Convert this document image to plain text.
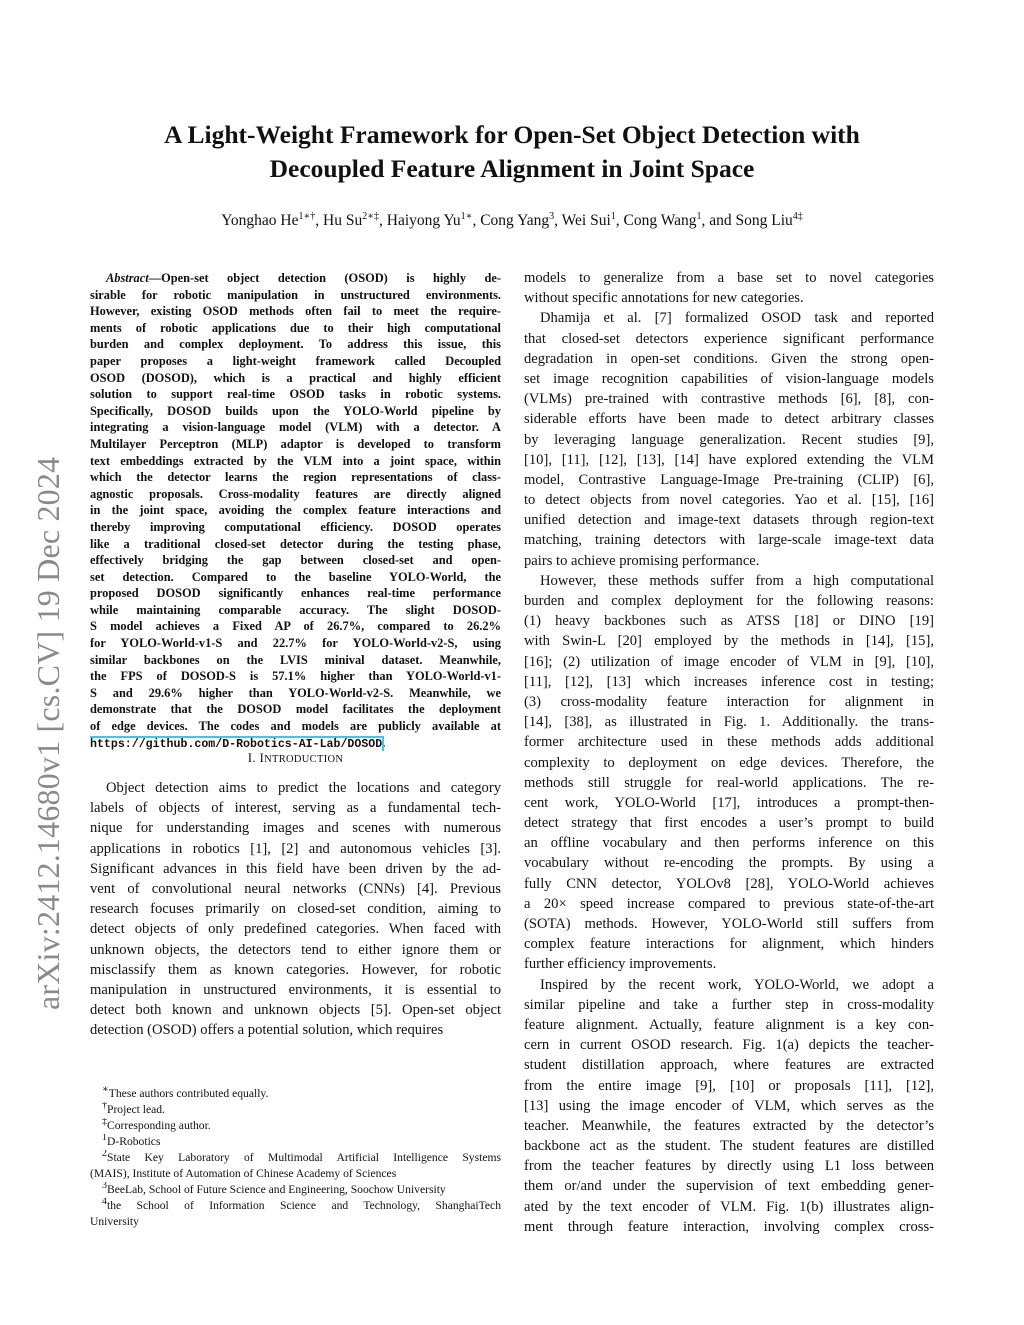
arXiv:2412.14680v1 [cs.CV] 19 Dec 2024
A Light-Weight Framework for Open-Set Object Detection with
Decoupled Feature Alignment in Joint Space
Yonghao $He^{1∗\dagger}$, Hu $Su^{2∗\ddagger}$, Haiyong $Yu^{1∗}$, Cong Yang$^3$, Wei Sui$^1$, Cong Wang$^1$, and Song Liu$^{4\ddagger}$
Abstract—Open-set object detection (OSOD) is highly de-
sirable for robotic manipulation in unstructured environments.
However, existing OSOD methods often fail to meet the require-
ments of robotic applications due to their high computational
burden and complex deployment. To address this issue, this
paper proposes a light-weight framework called Decoupled
OSOD (DOSOD), which is a practical and highly efficient
solution to support real-time OSOD tasks in robotic systems.
Specifically, DOSOD builds upon the YOLO-World pipeline by
integrating a vision-language model (VLM) with a detector. A
Multilayer Perceptron (MLP) adaptor is developed to transform
text embeddings extracted by the VLM into a joint space, within
which the detector learns the region representations of class-
agnostic proposals. Cross-modality features are directly aligned
in the joint space, avoiding the complex feature interactions and
thereby improving computational efficiency. DOSOD operates
like a traditional closed-set detector during the testing phase,
effectively bridging the gap between closed-set and open-
set detection. Compared to the baseline YOLO-World, the
proposed DOSOD significantly enhances real-time performance
while maintaining comparable accuracy. The slight DOSOD-
S model achieves a Fixed AP of 26.7%, compared to 26.2%
for YOLO-World-v1-S and 22.7% for YOLO-World-v2-S, using
similar backbones on the LVIS minival dataset. Meanwhile,
the FPS of DOSOD-S is 57.1% higher than YOLO-World-v1-
S and 29.6% higher than YOLO-World-v2-S. Meanwhile, we
demonstrate that the DOSOD model facilitates the deployment
of edge devices. The codes and models are publicly available at
https://github.com/D-Robotics-AI-Lab/DOSOD.
I. INTRODUCTION
Object detection aims to predict the locations and category
labels of objects of interest, serving as a fundamental tech-
nique for understanding images and scenes with numerous
applications in robotics [1], [2] and autonomous vehicles [3].
Significant advances in this field have been driven by the ad-
vent of convolutional neural networks (CNNs) [4]. Previous
research focuses primarily on closed-set condition, aiming to
detect objects of only predefined categories. When faced with
unknown objects, the detectors tend to either ignore them or
misclassify them as known categories. However, for robotic
manipulation in unstructured environments, it is essential to
detect both known and unknown objects [5]. Open-set object
detection (OSOD) offers a potential solution, which requires
∗These authors contributed equally.
†Project lead.
‡Corresponding author.
$^1$D-Robotics
$^2$State Key Laboratory of Multimodal Artificial Intelligence Systems
(MAIS), Institute of Automation of Chinese Academy of Sciences
$^3$BeeLab, School of Future Science and Engineering, Soochow University
$^4$the School of Information Science and Technology, ShanghaiTech
University
models to generalize from a base set to novel categories
without specific annotations for new categories.
Dhamija et al. [7] formalized OSOD task and reported
that closed-set detectors experience significant performance
degradation in open-set conditions. Given the strong open-
set image recognition capabilities of vision-language models
(VLMs) pre-trained with contrastive methods [6], [8], con-
siderable efforts have been made to detect arbitrary classes
by leveraging language generalization. Recent studies [9],
[10], [11], [12], [13], [14] have explored extending the VLM
model, Contrastive Language-Image Pre-training (CLIP) [6],
to detect objects from novel categories. Yao et al. [15], [16]
unified detection and image-text datasets through region-text
matching, training detectors with large-scale image-text data
pairs to achieve promising performance.
However, these methods suffer from a high computational
burden and complex deployment for the following reasons:
(1) heavy backbones such as ATSS [18] or DINO [19]
with Swin-L [20] employed by the methods in [14], [15],
[16]; (2) utilization of image encoder of VLM in [9], [10],
[11], [12], [13] which increases inference cost in testing;
(3) cross-modality feature interaction for alignment in
[14], [38], as illustrated in Fig. 1. Additionally. the trans-
former architecture used in these methods adds additional
complexity to deployment on edge devices. Therefore, the
methods still struggle for real-world applications. The re-
cent work, YOLO-World [17], introduces a prompt-then-
detect strategy that first encodes a user’s prompt to build
an offline vocabulary and then performs inference on this
vocabulary without re-encoding the prompts. By using a
fully CNN detector, YOLOv8 [28], YOLO-World achieves
a 20× speed increase compared to previous state-of-the-art
(SOTA) methods. However, YOLO-World still suffers from
complex feature interactions for alignment, which hinders
further efficiency improvements.
Inspired by the recent work, YOLO-World, we adopt a
similar pipeline and take a further step in cross-modality
feature alignment. Actually, feature alignment is a key con-
cern in current OSOD research. Fig. 1(a) depicts the teacher-
student distillation approach, where features are extracted
from the entire image [9], [10] or proposals [11], [12],
[13] using the image encoder of VLM, which serves as the
teacher. Meanwhile, the features extracted by the detector’s
backbone act as the student. The student features are distilled
from the teacher features by directly using L1 loss between
them or/and under the supervision of text embedding gener-
ated by the text encoder of VLM. Fig. 1(b) illustrates align-
ment through feature interaction, involving complex cross-
